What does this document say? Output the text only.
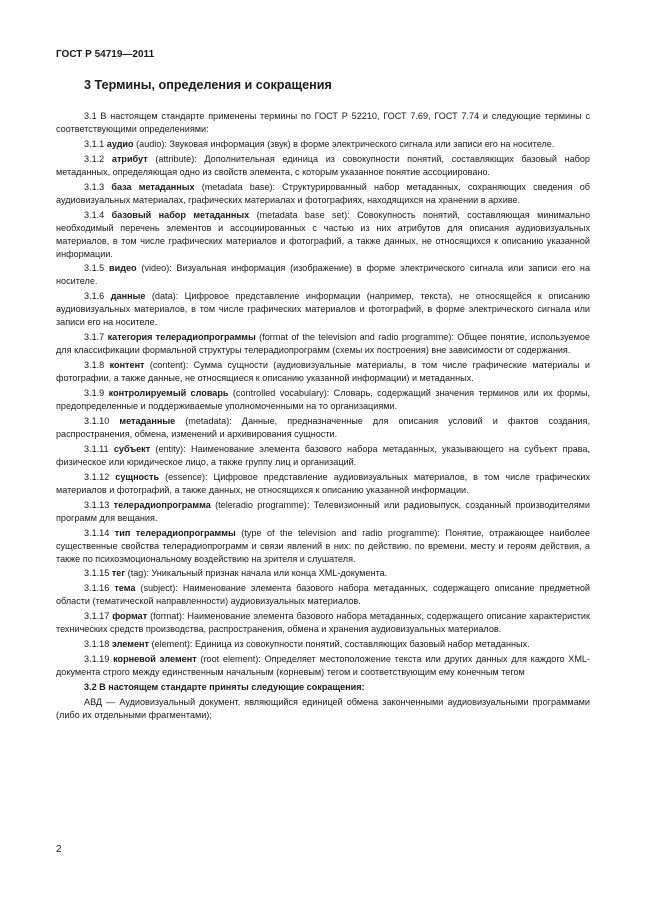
ГОСТ Р 54719—2011
3 Термины, определения и сокращения

3.1 В настоящем стандарте применены термины по ГОСТ Р 52210, ГОСТ 7.69, ГОСТ 7.74 и следующие термины с соответствующими определениями:

3.1.1 аудио (audio): Звуковая информация (звук) в форме электрического сигнала или записи его на носителе.

3.1.2 атрибут (attribute): Дополнительная единица из совокупности понятий, составляющих базовый набор метаданных, определяющая одно из свойств элемента, с которым указанное понятие ассоциировано.

3.1.3 база метаданных (metadata base): Структурированный набор метаданных, сохраняющих сведения об аудиовизуальных материалах, графических материалах и фотографиях, находящихся на хранении в архиве.

3.1.4 базовый набор метаданных (metadata base set): Совокупность понятий, составляющая минимально необходимый перечень элементов и ассоциированных с частью из них атрибутов для описания аудиовизуальных материалов, в том числе графических материалов и фотографий, а также данных, не относящихся к описанию указанной информации.

3.1.5 видео (video): Визуальная информация (изображение) в форме электрического сигнала или записи его на носителе.

3.1.6 данные (data): Цифровое представление информации (например, текста), не относящейся к описанию аудиовизуальных материалов, в том числе графических материалов и фотографий, в форме электрического сигнала или записи его на носителе.

3.1.7 категория телерадиопрограммы (format of the television and radio programme): Общее понятие, используемое для классификации формальной структуры телерадиопрограмм (схемы их построения) вне зависимости от содержания.

3.1.8 контент (content): Сумма сущности (аудиовизуальные материалы, в том числе графические материалы и фотографии, а также данные, не относящиеся к описанию указанной информации) и метаданных.

3.1.9 контролируемый словарь (controlled vocabulary): Словарь, содержащий значения терминов или их формы, предопределенные и поддерживаемые уполномоченными на то организациями.

3.1.10 метаданные (metadata): Данные, предназначенные для описания условий и фактов создания, распространения, обмена, изменений и архивирования сущности.

3.1.11 субъект (entity): Наименование элемента базового набора метаданных, указывающего на субъект права, физическое или юридическое лицо, а также группу лиц и организаций.

3.1.12 сущность (essence): Цифровое представление аудиовизуальных материалов, в том числе графических материалов и фотографий, а также данных, не относящихся к описанию указанной информации.

3.1.13 телерадиопрограмма (teleradio programme): Телевизионный или радиовыпуск, созданный производителями программ для вещания.

3.1.14 тип телерадиопрограммы (type of the television and radio programme): Понятие, отражающее наиболее существенные свойства телерадиопрограмм и связи явлений в них: по действию, по времени, месту и героям действия, а также по психоэмоциональному воздействию на зрителя и слушателя.

3.1.15 тег (tag): Уникальный признак начала или конца XML-документа.

3.1.16 тема (subject): Наименование элемента базового набора метаданных, содержащего описание предметной области (тематической направленности) аудиовизуальных материалов.

3.1.17 формат (format): Наименование элемента базового набора метаданных, содержащего описание характеристик технических средств производства, распространения, обмена и хранения аудиовизуальных материалов.

3.1.18 элемент (element): Единица из совокупности понятий, составляющих базовый набор метаданных.

3.1.19 корневой элемент (root element): Определяет местоположение текста или других данных для каждого XML-документа строго между единственным начальным (корневым) тегом и соответствующим ему конечным тегом

3.2 В настоящем стандарте приняты следующие сокращения:

АВД — Аудиовизуальный документ, являющийся единицей обмена законченными аудиовизуальными программами (либо их отдельными фрагментами);

2
